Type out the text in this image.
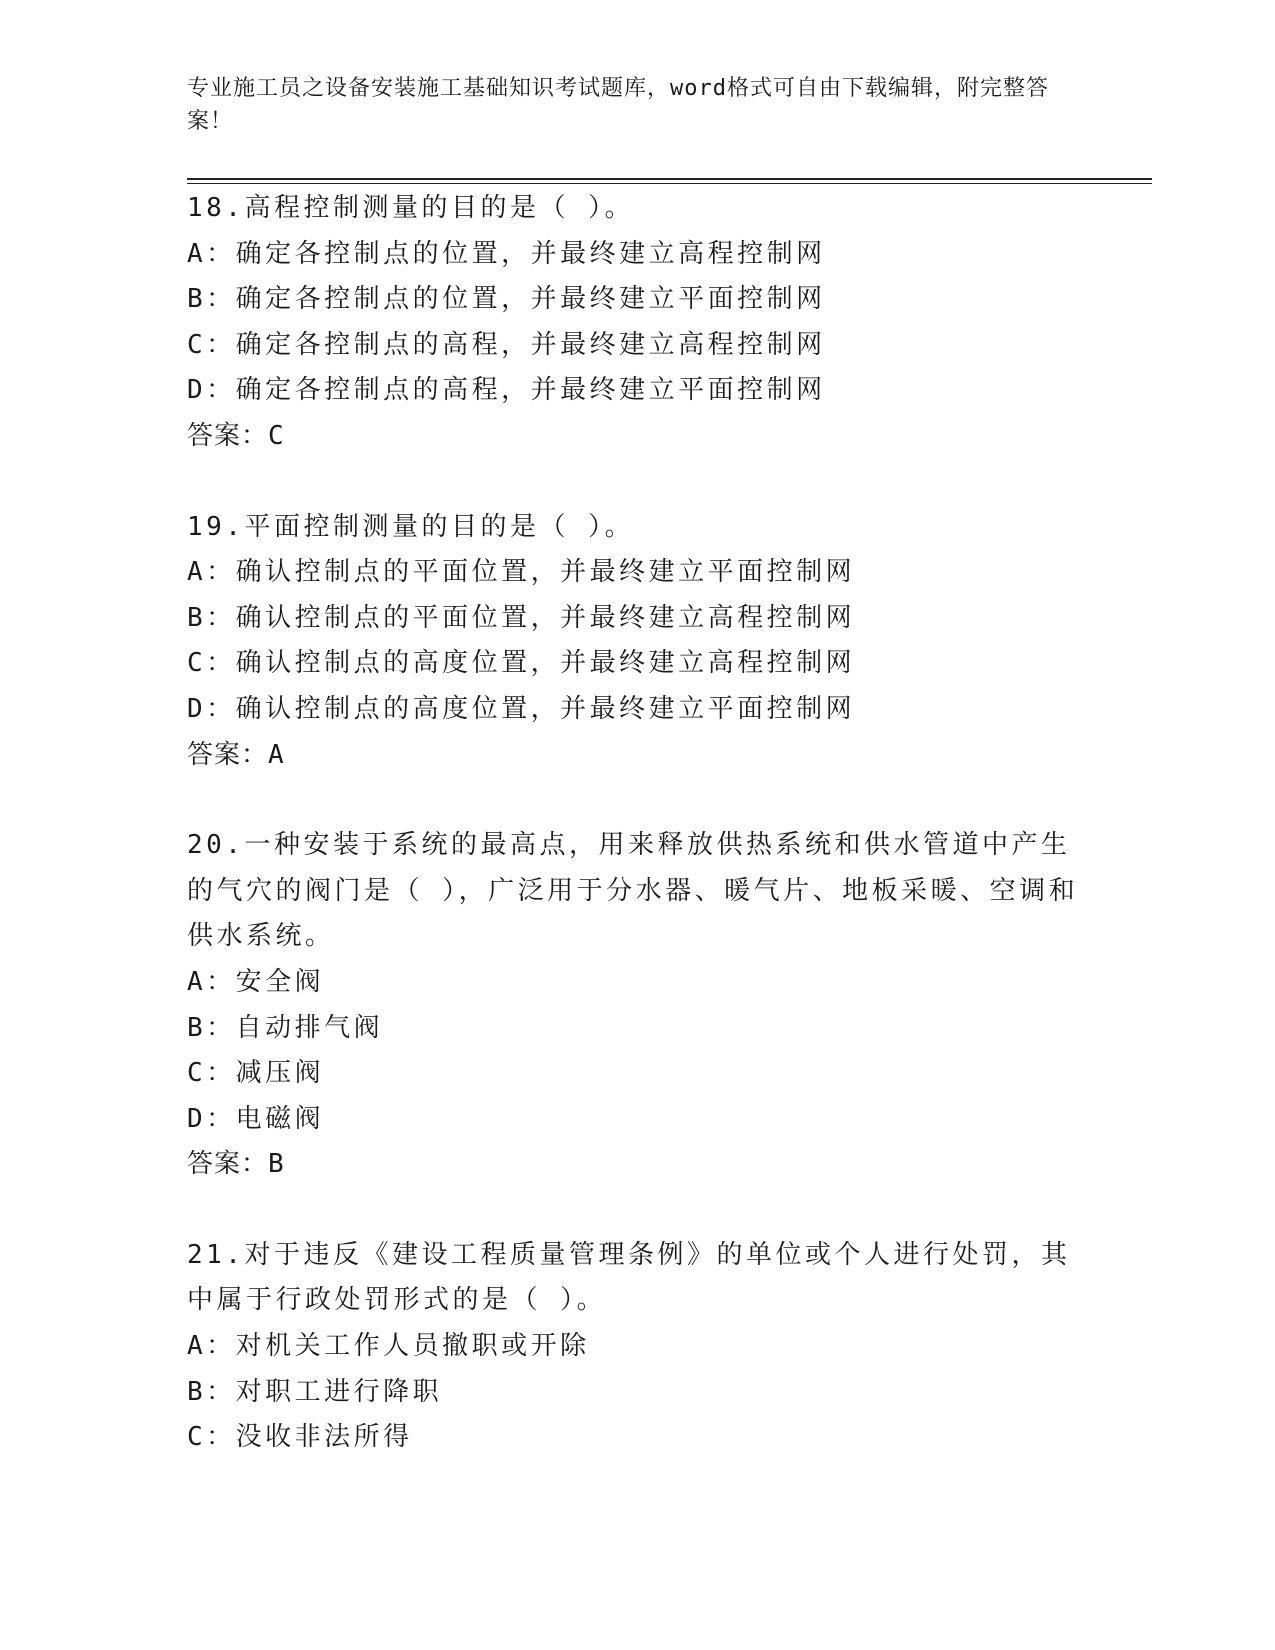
专业施工员之设备安装施工基础知识考试题库，word格式可自由下载编辑，附完整答案！

18.高程控制测量的目的是（ ）。

A：确定各控制点的位置，并最终建立高程控制网

B：确定各控制点的位置，并最终建立平面控制网

C：确定各控制点的高程，并最终建立高程控制网

D：确定各控制点的高程，并最终建立平面控制网

答案：C

19.平面控制测量的目的是（ ）。

A：确认控制点的平面位置，并最终建立平面控制网

B：确认控制点的平面位置，并最终建立高程控制网

C：确认控制点的高度位置，并最终建立高程控制网

D：确认控制点的高度位置，并最终建立平面控制网

答案：A

20.一种安装于系统的最高点，用来释放供热系统和供水管道中产生的气穴的阀门是（ ），广泛用于分水器、暖气片、地板采暖、空调和供水系统。

A：安全阀

B：自动排气阀

C：减压阀

D：电磁阀

答案：B

21.对于违反《建设工程质量管理条例》的单位或个人进行处罚，其中属于行政处罚形式的是（ ）。

A：对机关工作人员撤职或开除

B：对职工进行降职

C：没收非法所得
